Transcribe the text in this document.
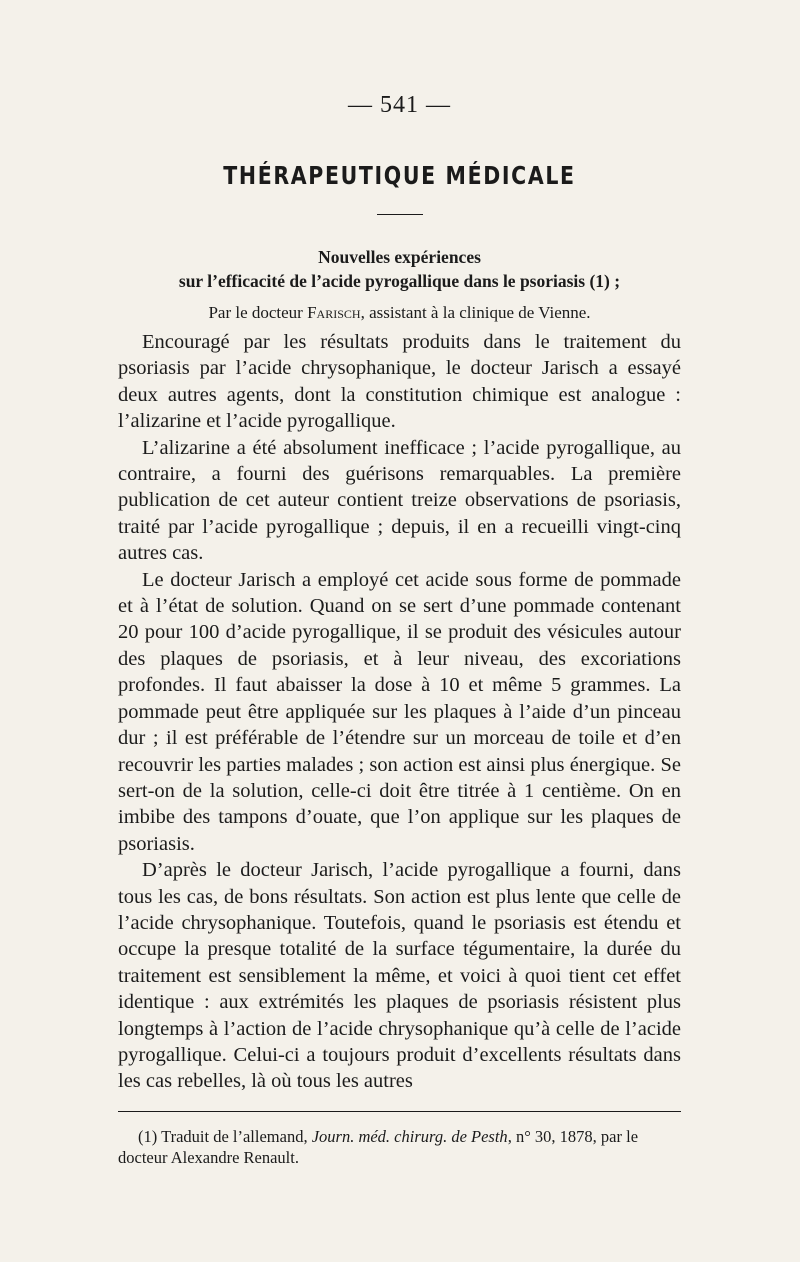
— 541 —
THÉRAPEUTIQUE MÉDICALE
Nouvelles expériences
sur l’efficacité de l’acide pyrogallique dans le psoriasis (1) ;
Par le docteur Farisch, assistant à la clinique de Vienne.

Encouragé par les résultats produits dans le traitement du psoriasis par l’acide chrysophanique, le docteur Jarisch a essayé deux autres agents, dont la constitution chimique est analogue : l’alizarine et l’acide pyrogallique.

L’alizarine a été absolument inefficace ; l’acide pyrogallique, au contraire, a fourni des guérisons remarquables. La première publication de cet auteur contient treize observations de psoriasis, traité par l’acide pyrogallique ; depuis, il en a recueilli vingt-cinq autres cas.

Le docteur Jarisch a employé cet acide sous forme de pommade et à l’état de solution. Quand on se sert d’une pommade contenant 20 pour 100 d’acide pyrogallique, il se produit des vésicules autour des plaques de psoriasis, et à leur niveau, des excoriations profondes. Il faut abaisser la dose à 10 et même 5 grammes. La pommade peut être appliquée sur les plaques à l’aide d’un pinceau dur ; il est préférable de l’étendre sur un morceau de toile et d’en recouvrir les parties malades ; son action est ainsi plus énergique. Se sert-on de la solution, celle-ci doit être titrée à 1 centième. On en imbibe des tampons d’ouate, que l’on applique sur les plaques de psoriasis.

D’après le docteur Jarisch, l’acide pyrogallique a fourni, dans tous les cas, de bons résultats. Son action est plus lente que celle de l’acide chrysophanique. Toutefois, quand le psoriasis est étendu et occupe la presque totalité de la surface tégumentaire, la durée du traitement est sensiblement la même, et voici à quoi tient cet effet identique : aux extrémités les plaques de psoriasis résistent plus longtemps à l’action de l’acide chrysophanique qu’à celle de l’acide pyrogallique. Celui-ci a toujours produit d’excellents résultats dans les cas rebelles, là où tous les autres

(1) Traduit de l’allemand, Journ. méd. chirurg. de Pesth, n° 30, 1878, par le docteur Alexandre Renault.
